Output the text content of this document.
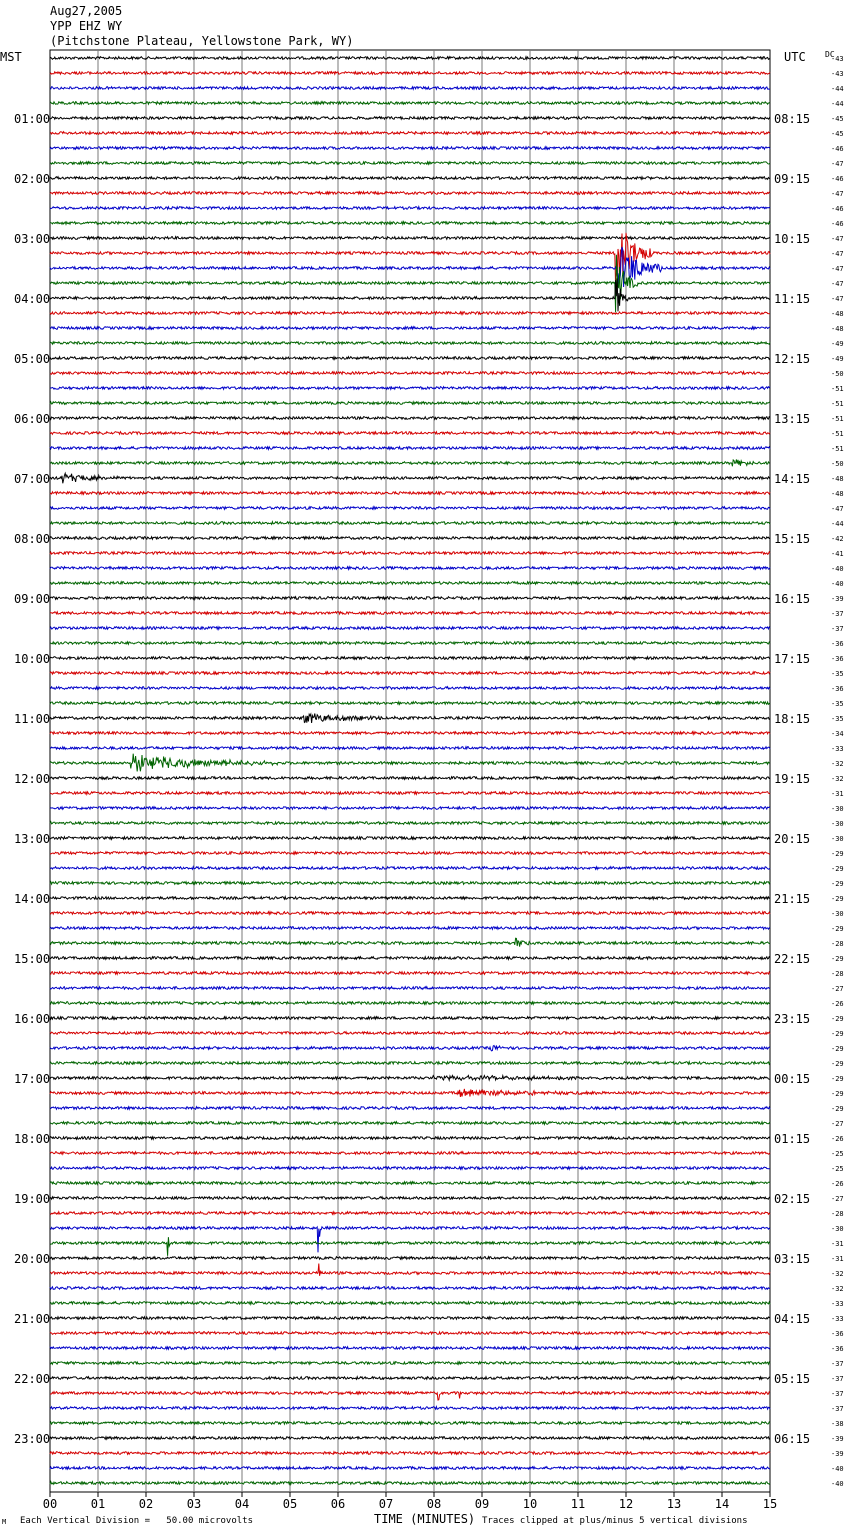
Aug27,2005
YPP EHZ WY
(Pitchstone Plateau, Yellowstone Park, WY)
00	01	02	03	04	05	06	07	08	09	10	11	12	13	14	15
MST	UTC DC
01:00
02:00
03:00
04:00
05:00
06:00
07:00
08:00
09:00
10:00
11:00
12:00
13:00
14:00
15:00
16:00
17:00
18:00
19:00
20:00
21:00
22:00
23:00
08:15
09:15
10:15
11:15
12:15
13:15
14:15
15:15
16:15
17:15
18:15
19:15
20:15
21:15
22:15
23:15
00:15
01:15
02:15
03:15
04:15
05:15
06:15
-43
-43
-44
-44
-45
-45
-46
-47
-46
-47
-46
-46
-47
-47
-47
-47
-47
-48
-48
-49
-49
-50
-51
-51
-51
-51
-51
-50
-48
-48
-47
-44
-42
-41
-40
-40
-39
-37
-37
-36
-36
-35
-36
-35
-35
-34
-33
-32
-32
-31
-30
-30
-30
-29
-29
-29
-29
-30
-29
-28
-29
-28
-27
-26
-29
-29
-29
-29
-29
-29
-29
-27
-26
-25
-25
-26
-27
-28
-30
-31
-31
-32
-32
-33
-33
-36
-36
-37
-37
-37
-37
-38
-39
-39
-40
-40
M Each Vertical Division =   50.00 microvolts	TIME (MINUTES) Traces clipped at plus/minus 5 vertical divisions
